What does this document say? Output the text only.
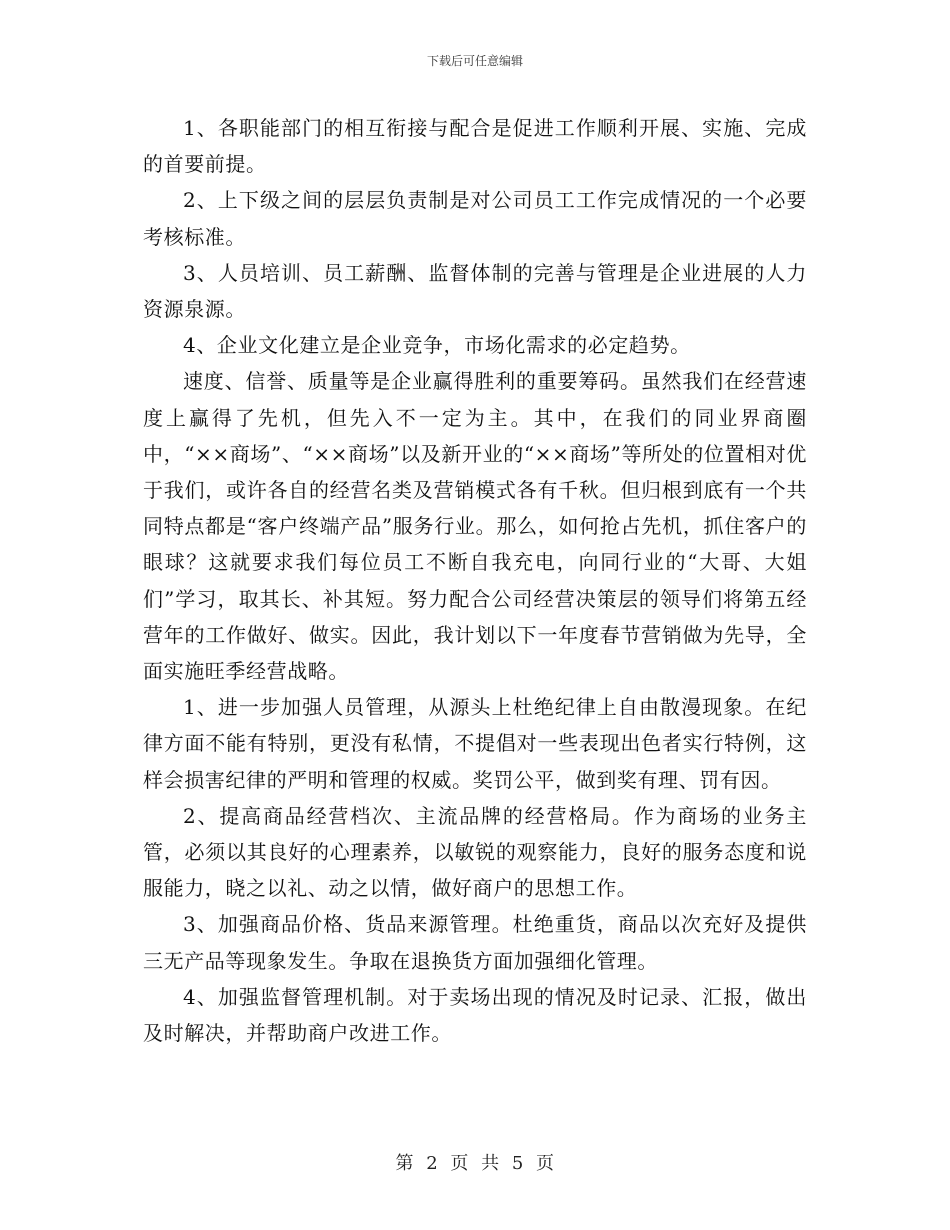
下载后可任意编辑

1、各职能部门的相互衔接与配合是促进工作顺利开展、实施、完成的首要前提。

2、上下级之间的层层负责制是对公司员工工作完成情况的一个必要考核标准。

3、人员培训、员工薪酬、监督体制的完善与管理是企业进展的人力资源泉源。

4、企业文化建立是企业竞争，市场化需求的必定趋势。

速度、信誉、质量等是企业赢得胜利的重要筹码。虽然我们在经营速度上赢得了先机，但先入不一定为主。其中，在我们的同业界商圈中，“××商场”、“××商场”以及新开业的“××商场”等所处的位置相对优于我们，或许各自的经营名类及营销模式各有千秋。但归根到底有一个共同特点都是“客户终端产品”服务行业。那么，如何抢占先机，抓住客户的眼球？这就要求我们每位员工不断自我充电，向同行业的“大哥、大姐们”学习，取其长、补其短。努力配合公司经营决策层的领导们将第五经营年的工作做好、做实。因此，我计划以下一年度春节营销做为先导，全面实施旺季经营战略。

1、进一步加强人员管理，从源头上杜绝纪律上自由散漫现象。在纪律方面不能有特别，更没有私情，不提倡对一些表现出色者实行特例，这样会损害纪律的严明和管理的权威。奖罚公平，做到奖有理、罚有因。

2、提高商品经营档次、主流品牌的经营格局。作为商场的业务主管，必须以其良好的心理素养，以敏锐的观察能力，良好的服务态度和说服能力，晓之以礼、动之以情，做好商户的思想工作。

3、加强商品价格、货品来源管理。杜绝重货，商品以次充好及提供三无产品等现象发生。争取在退换货方面加强细化管理。

4、加强监督管理机制。对于卖场出现的情况及时记录、汇报，做出及时解决，并帮助商户改进工作。

第 2 页 共 5 页
